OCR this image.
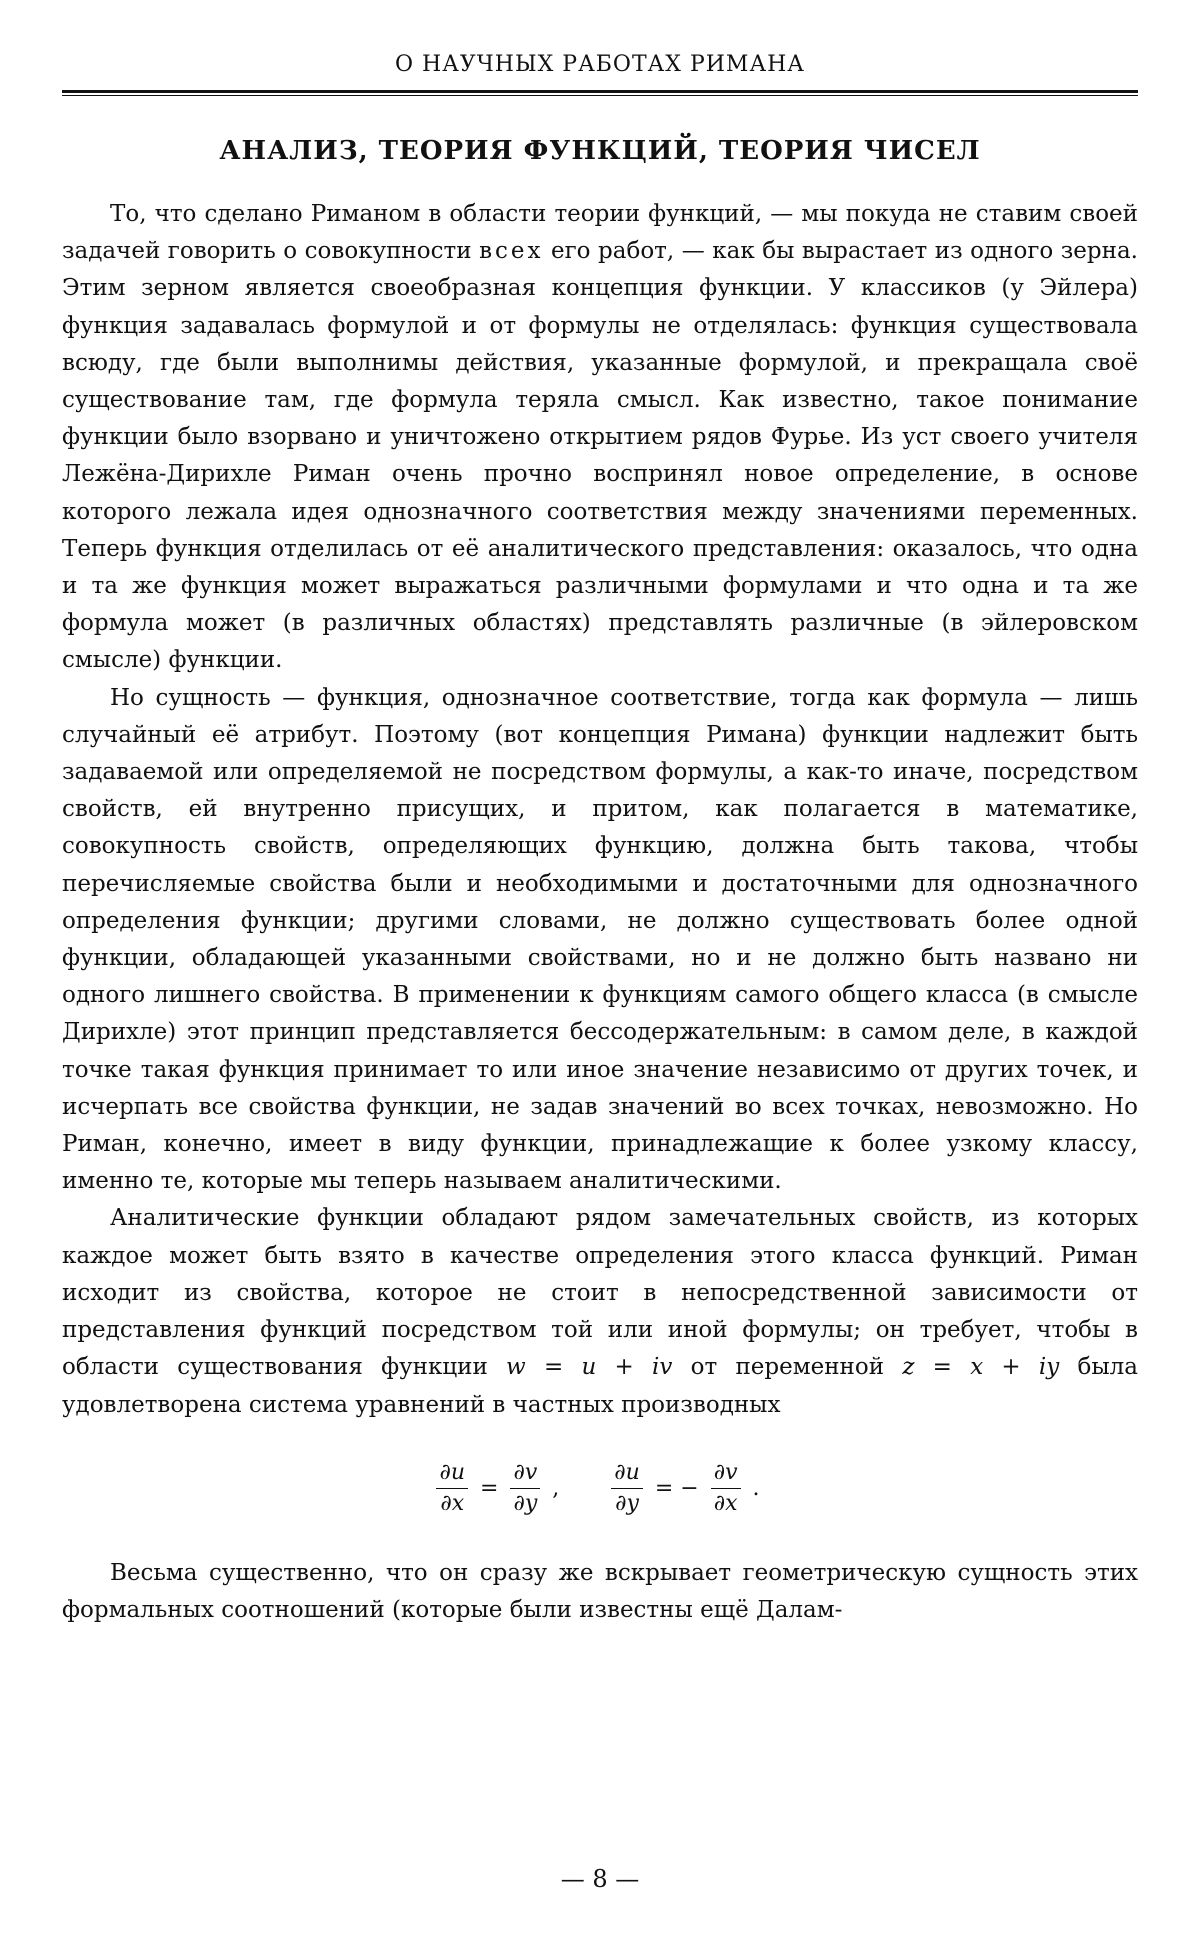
О НАУЧНЫХ РАБОТАХ РИМАНА
АНАЛИЗ, ТЕОРИЯ ФУНКЦИЙ, ТЕОРИЯ ЧИСЕЛ

То, что сделано Риманом в области теории функций, — мы покуда не ставим своей задачей говорить о совокупности всех его работ, — как бы вырастает из одного зерна. Этим зерном является своеобразная концепция функции. У классиков (у Эйлера) функция задавалась формулой и от формулы не отделялась: функция существовала всюду, где были выполнимы действия, указанные формулой, и прекращала своё существование там, где формула теряла смысл. Как известно, такое понимание функции было взорвано и уничтожено открытием рядов Фурье. Из уст своего учителя Лежёна-Дирихле Риман очень прочно воспринял новое определение, в основе которого лежала идея однозначного соответствия между значениями переменных. Теперь функция отделилась от её аналитического представления: оказалось, что одна и та же функция может выражаться различными формулами и что одна и та же формула может (в различных областях) представлять различные (в эйлеровском смысле) функции.

Но сущность — функция, однозначное соответствие, тогда как формула — лишь случайный её атрибут. Поэтому (вот концепция Римана) функции надлежит быть задаваемой или определяемой не посредством формулы, а как-то иначе, посредством свойств, ей внутренно присущих, и притом, как полагается в математике, совокупность свойств, определяющих функцию, должна быть такова, чтобы перечисляемые свойства были и необходимыми и достаточными для однозначного определения функции; другими словами, не должно существовать более одной функции, обладающей указанными свойствами, но и не должно быть названо ни одного лишнего свойства. В применении к функциям самого общего класса (в смысле Дирихле) этот принцип представляется бессодержательным: в самом деле, в каждой точке такая функция принимает то или иное значение независимо от других точек, и исчерпать все свойства функции, не задав значений во всех точках, невозможно. Но Риман, конечно, имеет в виду функции, принадлежащие к более узкому классу, именно те, которые мы теперь называем аналитическими.

Аналитические функции обладают рядом замечательных свойств, из которых каждое может быть взято в качестве определения этого класса функций. Риман исходит из свойства, которое не стоит в непосредственной зависимости от представления функций посредством той или иной формулы; он требует, чтобы в области существования функции w = u + iv от переменной z = x + iy была удовлетворена система уравнений в частных производных

$\frac{\partial u}{\partial x} = \frac{\partial v}{\partial y}$ , $\frac{\partial u}{\partial y}$ = − $\frac{\partial v}{\partial x}$ .

Весьма существенно, что он сразу же вскрывает геометрическую сущность этих формальных соотношений (которые были известны ещё Далам-

— 8 —
